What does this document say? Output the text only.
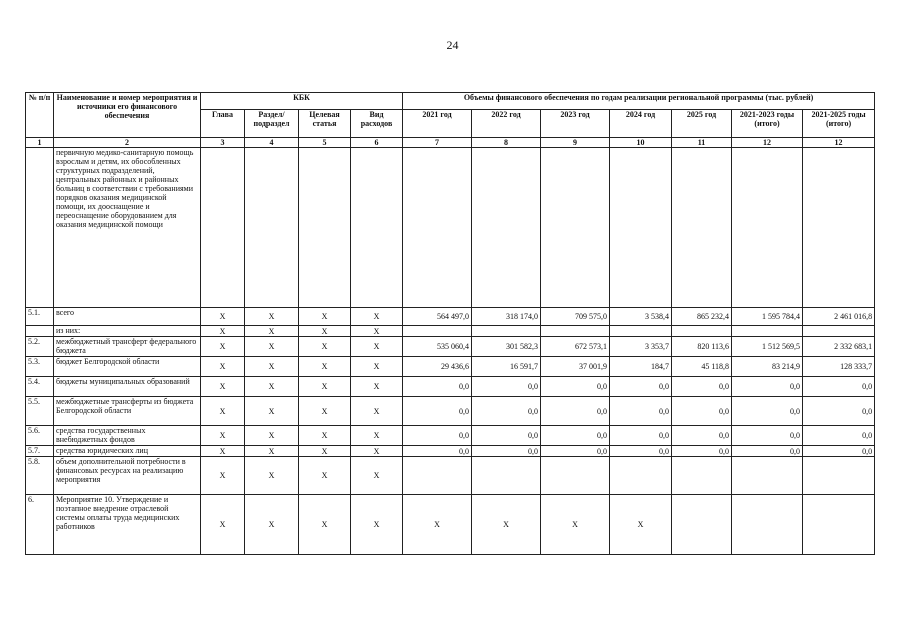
24
№ п/п	Наименование и номер мероприятия и источники его финансового обеспечения	КБК				Объемы финансового обеспечения по годам реализации региональной программы (тыс. рублей)						
		Глава	Раздел/ подраздел	Целевая статья	Вид расходов	2021 год	2022 год	2023 год	2024 год	2025 год	2021-2023 годы (итого)	2021-2025 годы (итого)
1	2	3	4	5	6	7	8	9	10	11	12	12
	первичную медико-санитарную помощь взрослым и детям, их обособленных структурных подразделений, центральных районных и районных больниц в соответствии с требованиями порядков оказания медицинской помощи, их дооснащение и переоснащение оборудованием для оказания медицинской помощи											
5.1.	всего	X	X	X	X	564 497,0	318 174,0	709 575,0	3 538,4	865 232,4	1 595 784,4	2 461 016,8
	из них:	X	X	X	X							
5.2.	межбюджетный трансферт федерального бюджета	X	X	X	X	535 060,4	301 582,3	672 573,1	3 353,7	820 113,6	1 512 569,5	2 332 683,1
5.3.	бюджет Белгородской области	X	X	X	X	29 436,6	16 591,7	37 001,9	184,7	45 118,8	83 214,9	128 333,7
5.4.	бюджеты муниципальных образований	X	X	X	X	0,0	0,0	0,0	0,0	0,0	0,0	0,0
5.5.	межбюджетные трансферты из бюджета Белгородской области	X	X	X	X	0,0	0,0	0,0	0,0	0,0	0,0	0,0
5.6.	средства государственных внебюджетных фондов	X	X	X	X	0,0	0,0	0,0	0,0	0,0	0,0	0,0
5.7.	средства юридических лиц	X	X	X	X	0,0	0,0	0,0	0,0	0,0	0,0	0,0
5.8.	объем дополнительной потребности в финансовых ресурсах на реализацию мероприятия	X	X	X	X							
6.	Мероприятие 10. Утверждение и поэтапное внедрение отраслевой системы оплаты труда медицинских работников	X	X	X	X	X	X	X	X			
